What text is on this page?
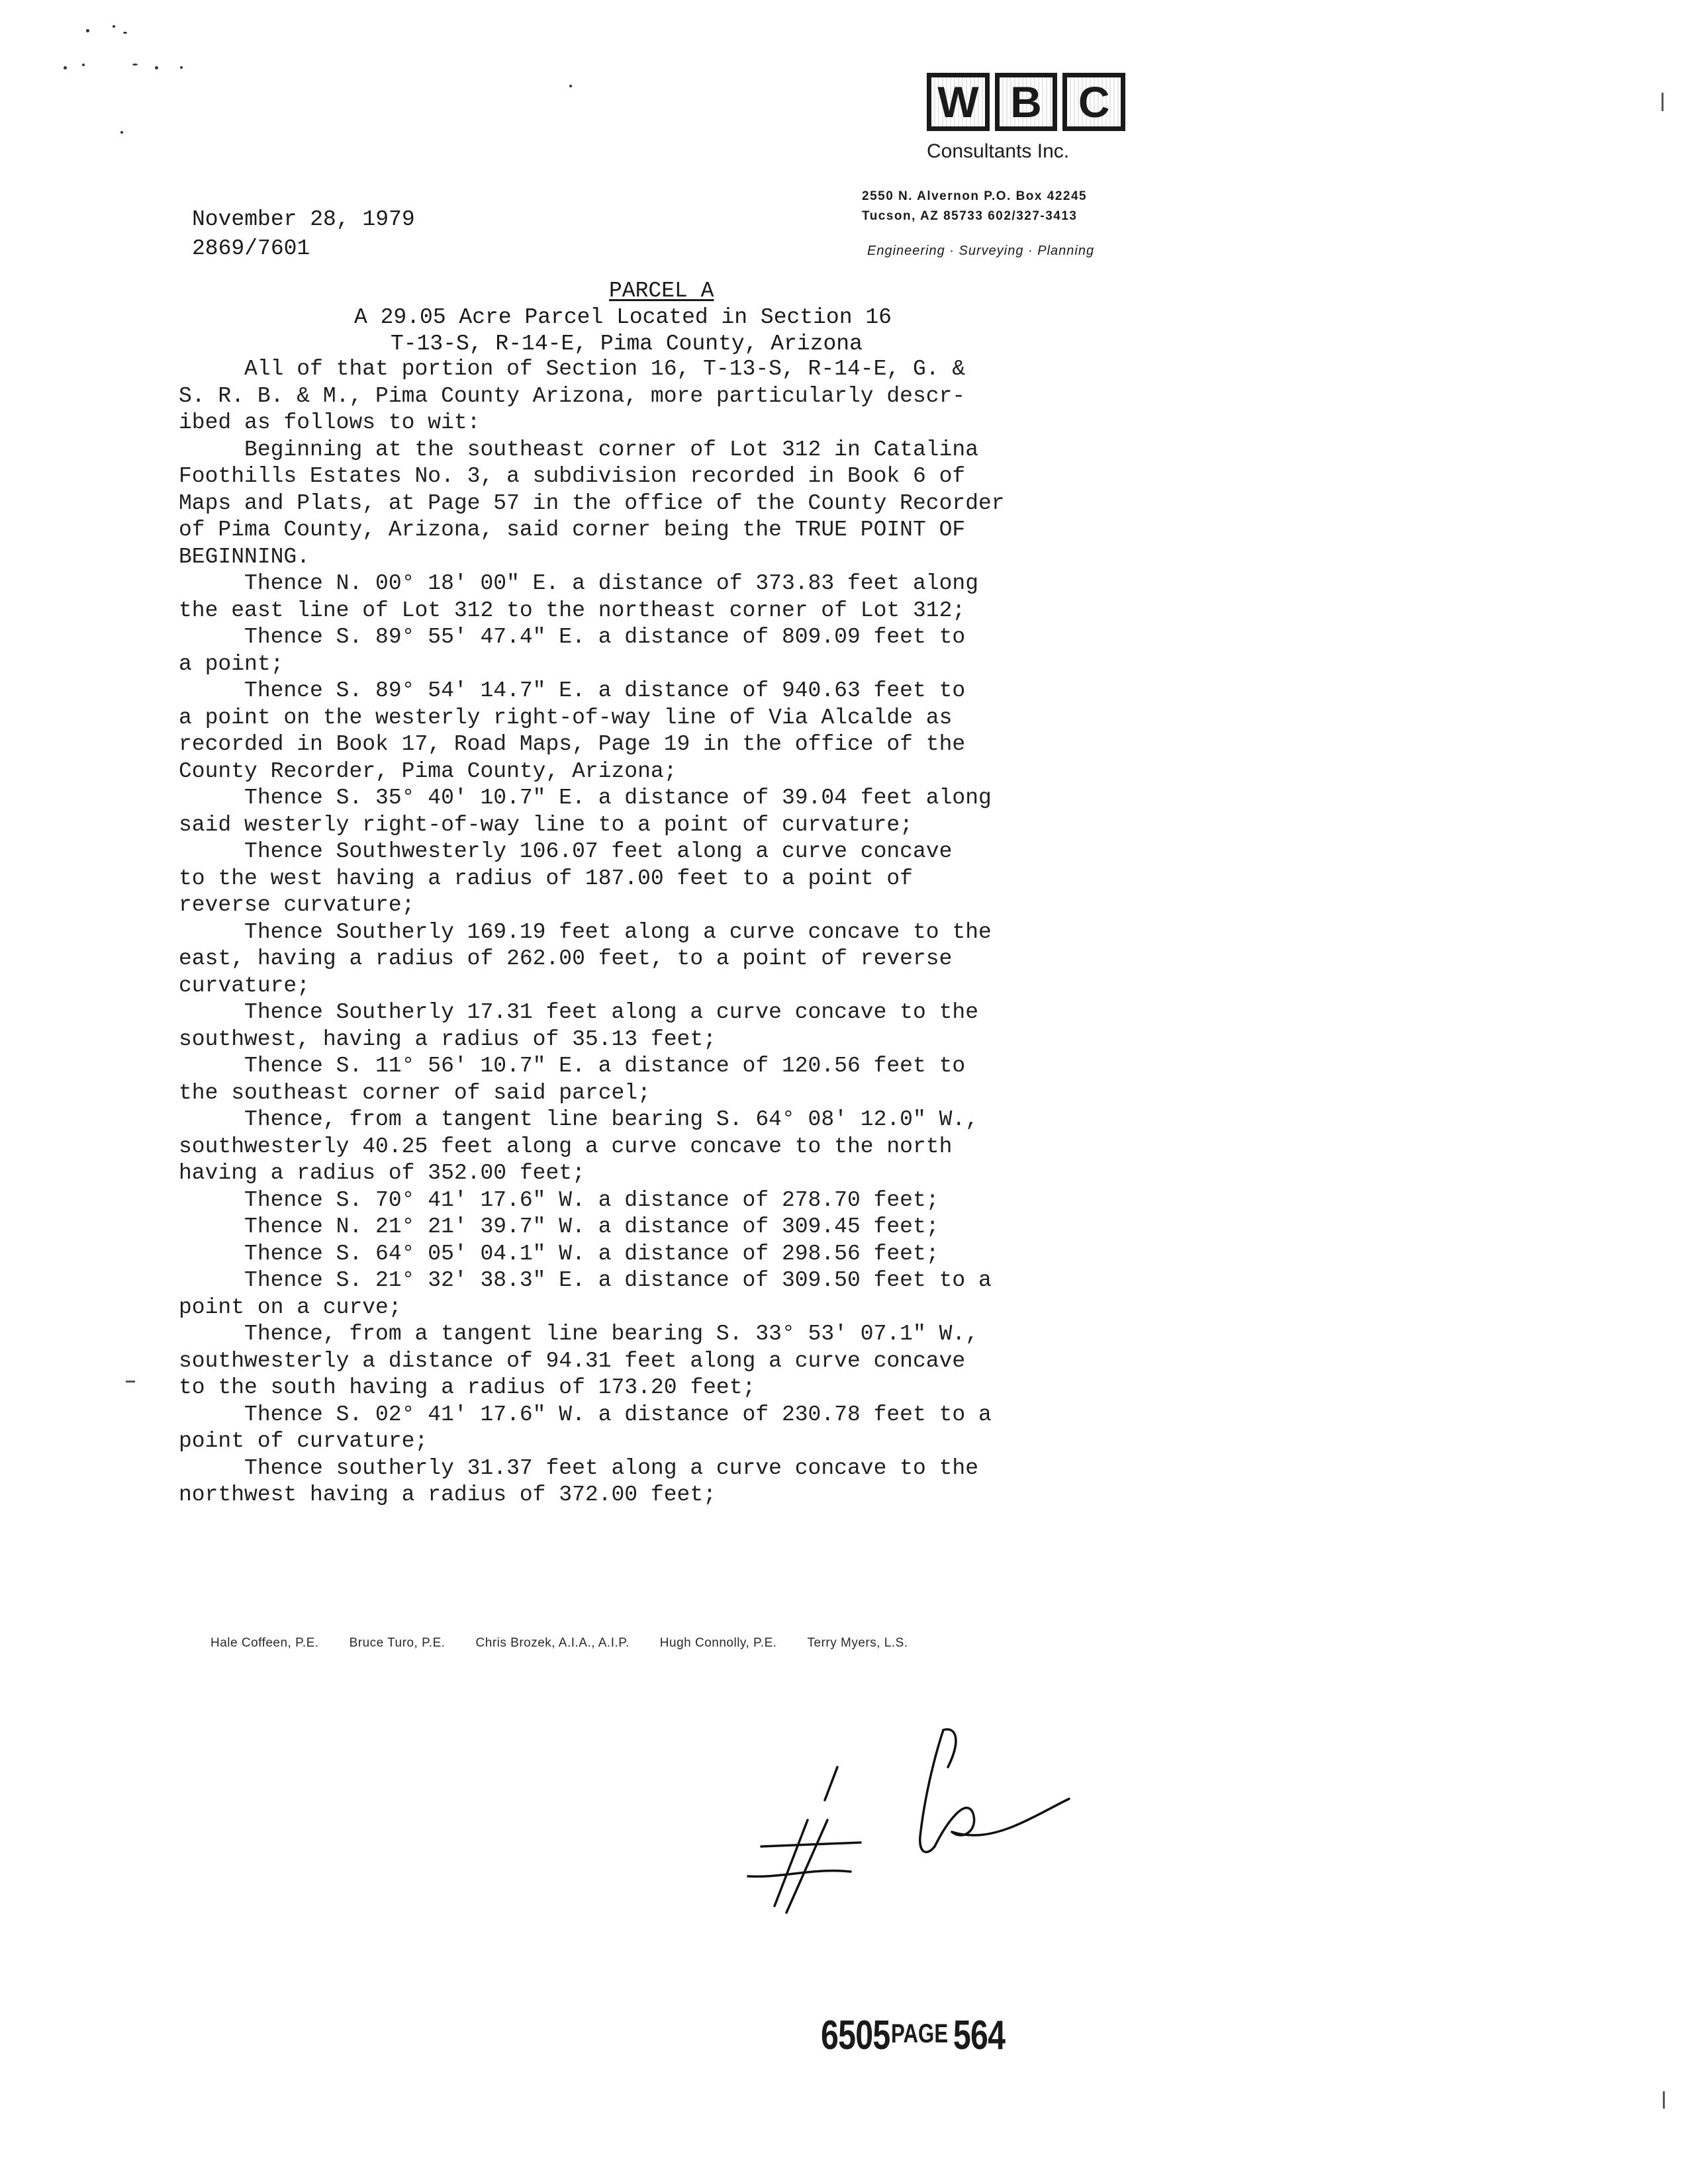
W B C
Consultants Inc.
2550 N. Alvernon P.O. Box 42245
Tucson, AZ 85733 602/327-3413
Engineering · Surveying · Planning
November 28, 1979
2869/7601
PARCEL A
A 29.05 Acre Parcel Located in Section 16
T-13-S, R-14-E, Pima County, Arizona
All of that portion of Section 16, T-13-S, R-14-E, G. &
S. R. B. & M., Pima County Arizona, more particularly descr-
ibed as follows to wit:
Beginning at the southeast corner of Lot 312 in Catalina
Foothills Estates No. 3, a subdivision recorded in Book 6 of
Maps and Plats, at Page 57 in the office of the County Recorder
of Pima County, Arizona, said corner being the TRUE POINT OF
BEGINNING.
Thence N. 00° 18' 00" E. a distance of 373.83 feet along
the east line of Lot 312 to the northeast corner of Lot 312;
Thence S. 89° 55' 47.4" E. a distance of 809.09 feet to
a point;
Thence S. 89° 54' 14.7" E. a distance of 940.63 feet to
a point on the westerly right-of-way line of Via Alcalde as
recorded in Book 17, Road Maps, Page 19 in the office of the
County Recorder, Pima County, Arizona;
Thence S. 35° 40' 10.7" E. a distance of 39.04 feet along
said westerly right-of-way line to a point of curvature;
Thence Southwesterly 106.07 feet along a curve concave
to the west having a radius of 187.00 feet to a point of
reverse curvature;
Thence Southerly 169.19 feet along a curve concave to the
east, having a radius of 262.00 feet, to a point of reverse
curvature;
Thence Southerly 17.31 feet along a curve concave to the
southwest, having a radius of 35.13 feet;
Thence S. 11° 56' 10.7" E. a distance of 120.56 feet to
the southeast corner of said parcel;
Thence, from a tangent line bearing S. 64° 08' 12.0" W.,
southwesterly 40.25 feet along a curve concave to the north
having a radius of 352.00 feet;
Thence S. 70° 41' 17.6" W. a distance of 278.70 feet;
Thence N. 21° 21' 39.7" W. a distance of 309.45 feet;
Thence S. 64° 05' 04.1" W. a distance of 298.56 feet;
Thence S. 21° 32' 38.3" E. a distance of 309.50 feet to a
point on a curve;
Thence, from a tangent line bearing S. 33° 53' 07.1" W.,
southwesterly a distance of 94.31 feet along a curve concave
to the south having a radius of 173.20 feet;
Thence S. 02° 41' 17.6" W. a distance of 230.78 feet to a
point of curvature;
Thence southerly 31.37 feet along a curve concave to the
northwest having a radius of 372.00 feet;
Hale Coffeen, P.E. Bruce Turo, P.E. Chris Brozek, A.I.A., A.I.P. Hugh Connolly, P.E. Terry Myers, L.S.
6505PAGE 564
